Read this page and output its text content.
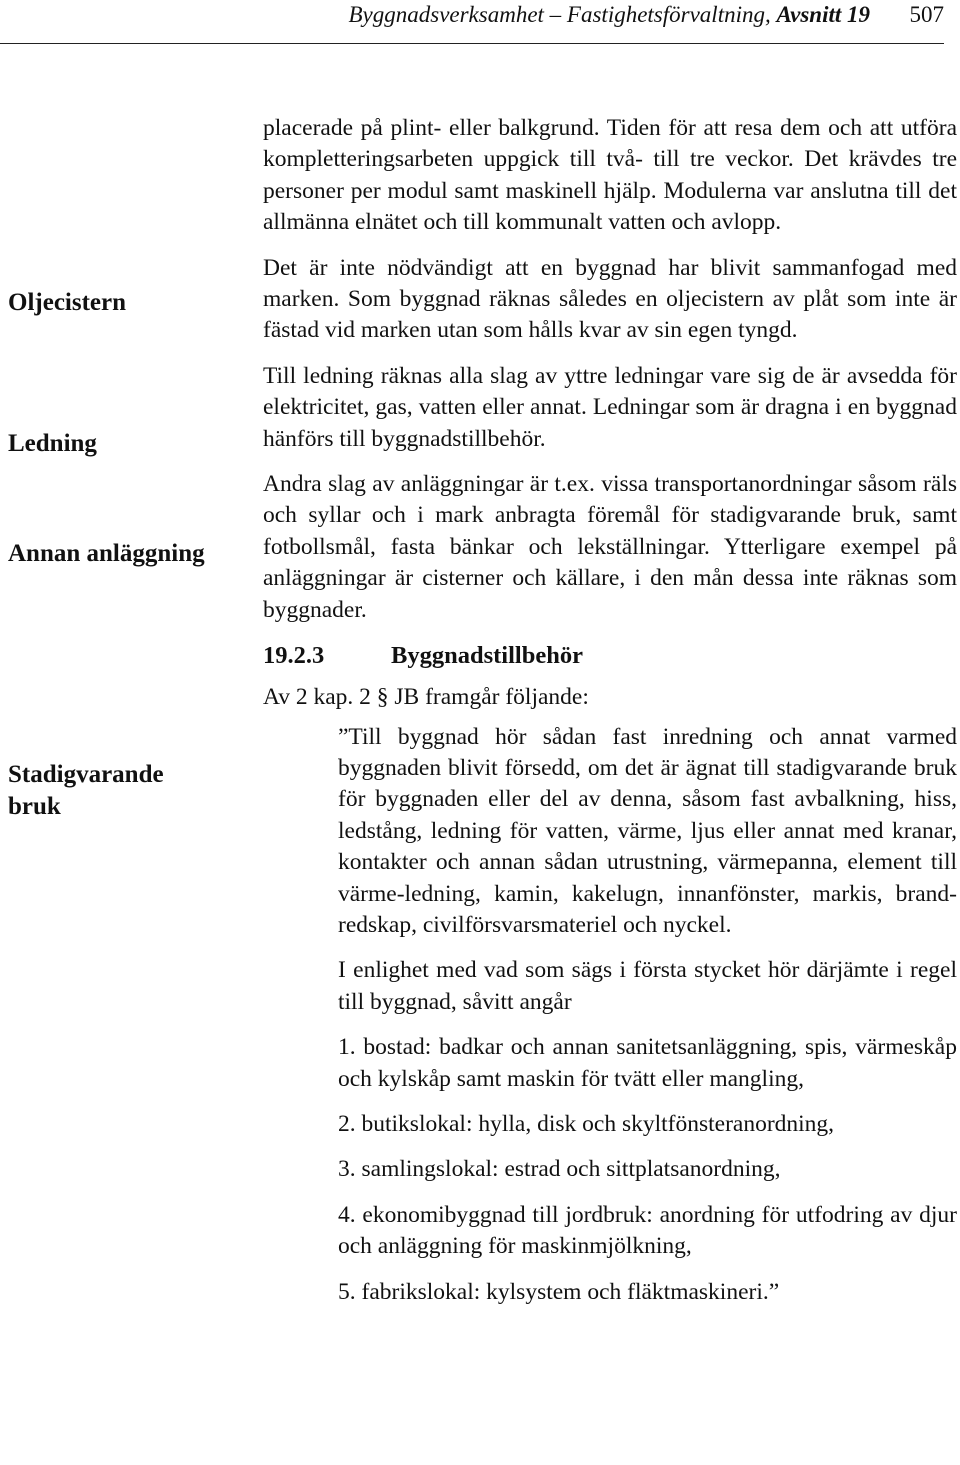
Byggnadsverksamhet – Fastighetsförvaltning, Avsnitt 19 507
Oljecistern
Ledning
Annan anläggning
Stadigvarande bruk

placerade på plint- eller balkgrund. Tiden för att resa dem och att utföra kompletteringsarbeten uppgick till två- till tre veckor. Det krävdes tre personer per modul samt maskinell hjälp. Modulerna var anslutna till det allmänna elnätet och till kommunalt vatten och avlopp.

Det är inte nödvändigt att en byggnad har blivit sammanfogad med marken. Som byggnad räknas således en oljecistern av plåt som inte är fästad vid marken utan som hålls kvar av sin egen tyngd.

Till ledning räknas alla slag av yttre ledningar vare sig de är avsedda för elektricitet, gas, vatten eller annat. Ledningar som är dragna i en byggnad hänförs till byggnadstillbehör.

Andra slag av anläggningar är t.ex. vissa transportanordningar såsom räls och syllar och i mark anbragta föremål för stadigvarande bruk, samt fotbollsmål, fasta bänkar och lekställningar. Ytterligare exempel på anläggningar är cisterner och källare, i den mån dessa inte räknas som byggnader.

19.2.3	Byggnadstillbehör

Av 2 kap. 2 § JB framgår följande:

”Till byggnad hör sådan fast inredning och annat varmed byggnaden blivit försedd, om det är ägnat till stadigvarande bruk för byggnaden eller del av denna, såsom fast avbalkning, hiss, ledstång, ledning för vatten, värme, ljus eller annat med kranar, kontakter och annan sådan utrustning, värmepanna, element till värme-ledning, kamin, kakelugn, innanfönster, markis, brand-redskap, civilförsvarsmateriel och nyckel.

I enlighet med vad som sägs i första stycket hör därjämte i regel till byggnad, såvitt angår

1. bostad: badkar och annan sanitetsanläggning, spis, värmeskåp och kylskåp samt maskin för tvätt eller mangling,

2. butikslokal: hylla, disk och skyltfönsteranordning,

3. samlingslokal: estrad och sittplatsanordning,

4. ekonomibyggnad till jordbruk: anordning för utfodring av djur och anläggning för maskinmjölkning,

5. fabrikslokal: kylsystem och fläktmaskineri.”
